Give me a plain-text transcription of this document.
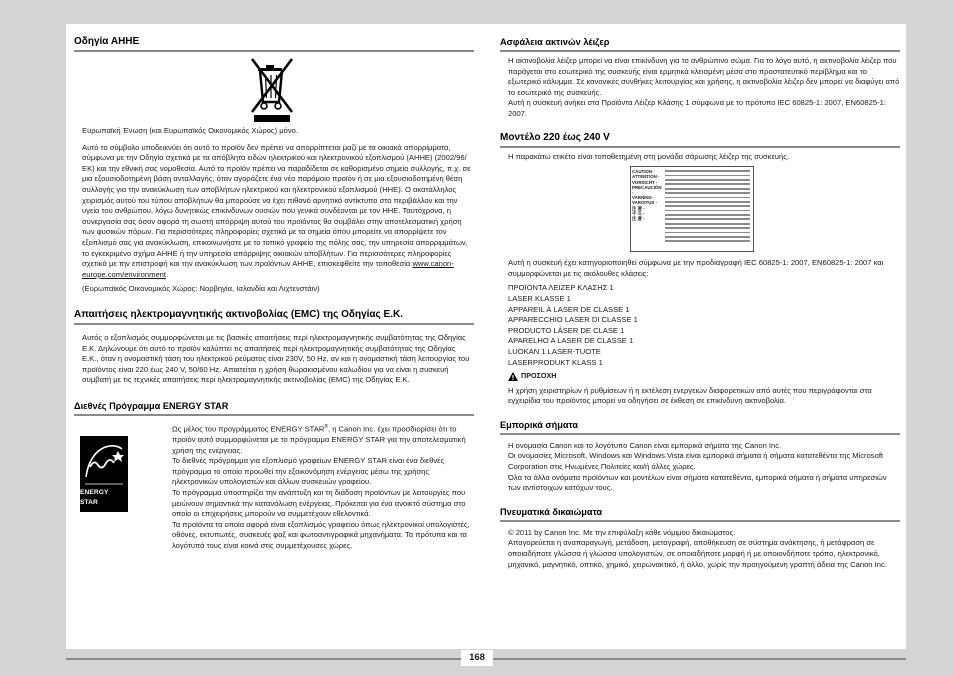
Οδηγία ΑΗΗΕ

Ευρωπαϊκή Ένωση (και Ευρωπαϊκός Οικονομικός Χώρος) μόνο.

Αυτό το σύμβολο υποδεικνύει ότι αυτό το προϊόν δεν πρέπει να απορρίπτεται μαζί με τα οικιακά απορρίμματα, σύμφωνα με την Οδηγία σχετικά με τα απόβλητα ειδών ηλεκτρικού και ηλεκτρονικού εξοπλισμού (ΑΗΗΕ) (2002/96/ΕΚ) και την εθνική σας νομοθεσία. Αυτό το προϊόν πρέπει να παραδίδεται σε καθορισμένο σημείο συλλογής, π.χ. σε μια εξουσιοδοτημένη βάση ανταλλαγής, όταν αγοράζετε ένα νέο παρόμοιο προϊόν ή σε μια εξουσιοδοτημένη θέση συλλογής για την ανακύκλωση των αποβλήτων ηλεκτρικού και ηλεκτρονικού εξοπλισμού (ΗΗΕ). Ο ακατάλληλος χειρισμός αυτού του τύπου αποβλήτων θα μπορούσε να έχει πιθανό αρνητικό αντίκτυπο στο περιβάλλον και την υγεία του ανθρώπου, λόγω δυνητικώς επικίνδυνων ουσιών που γενικά συνδέονται με τον ΗΗΕ. Ταυτόχρονα, η συνεργασία σας όσον αφορά τη σωστή απόρριψη αυτού του προϊόντος θα συμβάλει στην αποτελεσματική χρήση των φυσικών πόρων. Για περισσότερες πληροφορίες σχετικά με τα σημεία όπου μπορείτε να απορρίψετε τον εξοπλισμό σας για ανακύκλωση, επικοινωνήστε με το τοπικό γραφείο της πόλης σας, την υπηρεσία απορριμμάτων, το εγκεκριμένο σχήμα ΑΗΗΕ ή την υπηρεσία απόρριψης οικιακών αποβλήτων. Για περισσότερες πληροφορίες σχετικά με την επιστροφή και την ανακύκλωση των προϊόντων ΑΗΗΕ, επισκεφθείτε την τοποθεσία www.canon-europe.com/environment.

(Ευρωπαϊκός Οικονομικός Χώρος: Νορβηγία, Ισλανδία και Λιχτενστάιν)

Απαιτήσεις ηλεκτρομαγνητικής ακτινοβολίας (EMC) της Οδηγίας Ε.Κ.

Αυτός ο εξοπλισμός συμμορφώνεται με τις βασικές απαιτήσεις περί ηλεκτρομαγνητικής συμβατότητας της Οδηγίας Ε.Κ. Δηλώνουμε ότι αυτό το προϊόν καλύπτει τις απαιτήσεις περί ηλεκτρομαγνητικής συμβατότητας της Οδηγίας Ε.Κ., όταν η ονομαστική τάση του ηλεκτρικού ρεύματος είναι 230V, 50 Hz, αν και η ονομαστική τάση λειτουργίας του προϊόντος είναι 220 έως 240 V, 50/60 Hz. Απαιτείται η χρήση θωρακισμένου καλωδίου για να είναι η συσκευή συμβατή με τις τεχνικές απαιτήσεις περί ηλεκτρομαγνητικής ακτινοβολίας (EMC) της Οδηγίας Ε.Κ.

Διεθνές Πρόγραμμα ENERGY STAR
ENERGY STAR

Ως μέλος του προγράμματος ENERGY STAR®, η Canon Inc. έχει προσδιορίσει ότι το προϊόν αυτό συμμορφώνεται με το πρόγραμμα ENERGY STAR για την αποτελεσματική χρήση της ενέργειας.

Το διεθνές πρόγραμμα για εξοπλισμό γραφείων ENERGY STAR είναι ένα διεθνές πρόγραμμα το οποίο προωθεί την εξοικονόμηση ενέργειας μέσω της χρήσης ηλεκτρονικών υπολογιστών και άλλων συσκευών γραφείου.

Το πρόγραμμα υποστηρίζει την ανάπτυξη και τη διάδοση προϊόντων με λειτουργίες που μειώνουν σημαντικά την κατανάλωση ενέργειας. Πρόκειται για ένα ανοικτό σύστημα στο οποίο οι επιχειρήσεις μπορούν να συμμετέχουν εθελοντικά.

Τα προϊόντα τα οποία αφορά είναι εξοπλισμός γραφείου όπως ηλεκτρονικοί υπολογιστές, οθόνες, εκτυπωτές, συσκευές φαξ και φωτοαντιγραφικά μηχανήματα. Τα πρότυπα και τα λογότυπά τους είναι κοινά στις συμμετέχουσες χώρες.

Ασφάλεια ακτινών λέιζερ

Η ακτινοβολία λέιζερ μπορεί να είναι επικίνδυνη για το ανθρώπινο σώμα. Για το λόγο αυτό, η ακτινοβολία λέιζερ που παράγεται στο εσωτερικό της συσκευής είναι ερμητικά κλεισμένη μέσα στο προστατευτικό περίβλημα και το εξωτερικό κάλυμμα. Σε κανονικές συνθήκες λειτουργίας και χρήσης, η ακτινοβολία λέιζερ δεν μπορεί να διαφύγει από το εσωτερικό της συσκευής.

Αυτή η συσκευή ανήκει στα Προϊόντα Λέιζερ Κλάσης 1 σύμφωνα με το πρότυπο IEC 60825-1: 2007, EN60825-1: 2007.

Μοντέλο 220 έως 240 V

Η παρακάτω ετικέτα είναι τοποθετημένη στη μονάδα σάρωσης λέιζερ της συσκευής.

CAUTION -
ATTENTION -
VORSICHT -
PRECAUCIÓN -
VARNING -
VAROITUS -
注 意 -
주 의 -
注 意 -

Αυτή η συσκευή έχει κατηγοριοποιηθεί σύμφωνα με την προδιαγραφή IEC 60825-1: 2007, EN60825-1: 2007 και συμμορφώνεται με τις ακόλουθες κλάσεις:

ΠΡΟΪΟΝΤΑ ΛΕΙΖΕΡ ΚΛΑΣΗΣ 1

LASER KLASSE 1

APPAREIL À LASER DE CLASSE 1

APPARECCHIO LASER DI CLASSE 1

PRODUCTO LÁSER DE CLASE 1

APARELHO A LASER DE CLASSE 1

LUOKAN 1 LASER-TUOTE

LASERPRODUKT KLASS 1

ΠΡΟΣΟΧΗ

Η χρήση χειριστηρίων ή ρυθμίσεων ή η εκτέλεση ενεργειών διαφορετικών από αυτές που περιγράφονται στα εγχειρίδια του προϊόντος μπορεί να οδηγήσει σε έκθεση σε επικίνδυνη ακτινοβολία.

Εμπορικά σήματα

Η ονομασία Canon και το λογότυπο Canon είναι εμπορικά σήματα της Canon Inc.

Οι ονομασίες Microsoft, Windows και Windows Vista είναι εμπορικά σήματα ή σήματα κατατεθέντα της Microsoft Corporation στις Ηνωμένες Πολιτείες και/ή άλλες χώρες.

Όλα τα άλλα ονόματα προϊόντων και μοντέλων είναι σήματα κατατεθέντα, εμπορικά σήματα ή σήματα υπηρεσιών των αντίστοιχων κατόχων τους.

Πνευματικά δικαιώματα

© 2011 by Canon Inc. Με την επιφύλαξη κάθε νόμιμου δικαιώματος.

Απαγορεύεται η αναπαραγωγή, μετάδοση, μεταγραφή, αποθήκευση σε σύστημα ανάκτησης, ή μετάφραση σε οποιαδήποτε γλώσσα ή γλώσσα υπολογιστών, σε οποιαδήποτε μορφή ή με οποιονδήποτε τρόπο, ηλεκτρονικό, μηχανικό, μαγνητικό, οπτικό, χημικό, χειρωνακτικό, ή άλλο, χωρίς την προηγούμενη γραπτή άδεια της Canon Inc.

168
